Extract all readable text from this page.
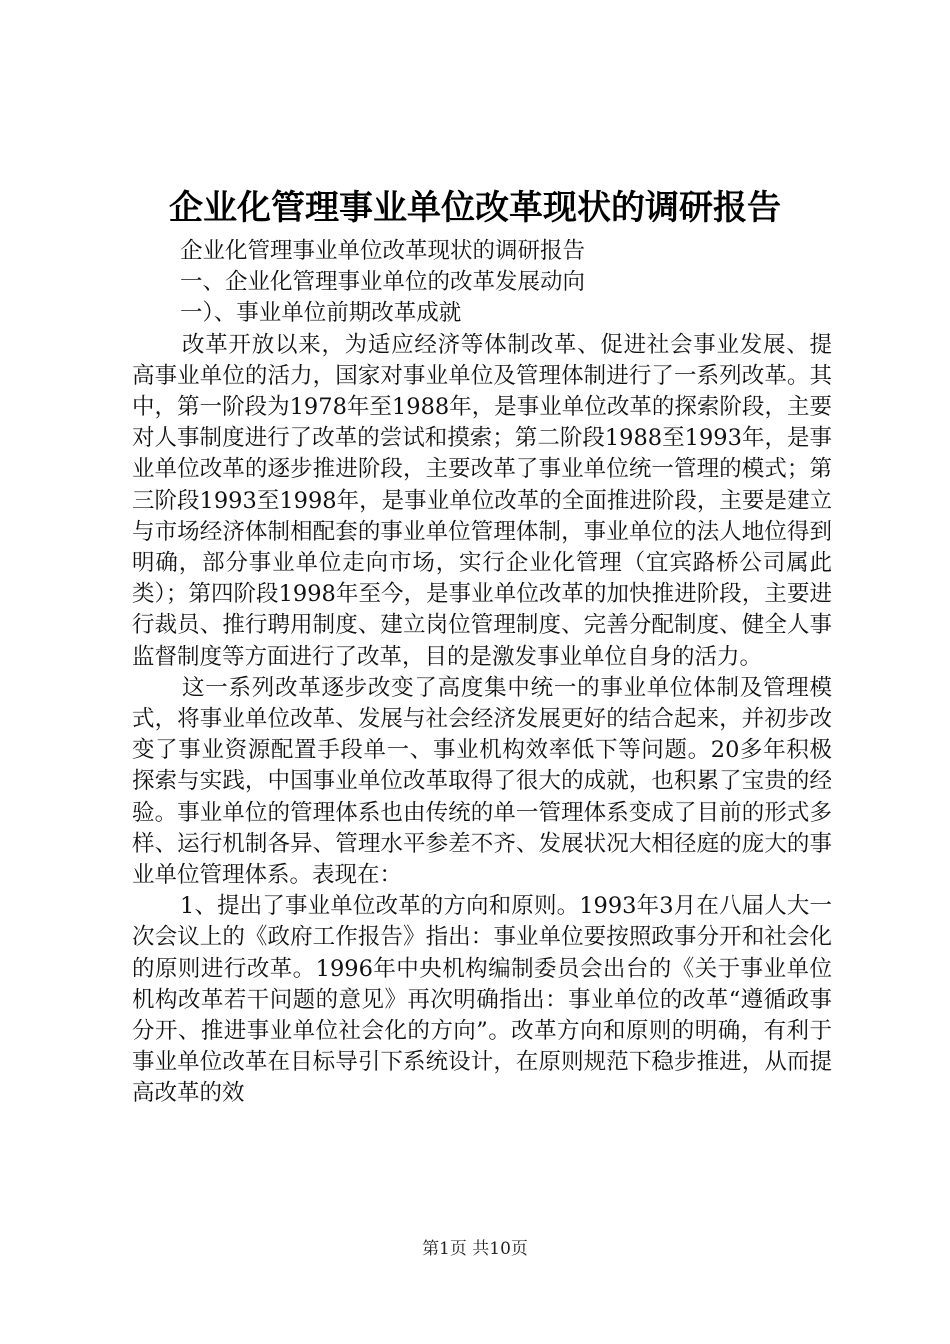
企业化管理事业单位改革现状的调研报告

企业化管理事业单位改革现状的调研报告

一、企业化管理事业单位的改革发展动向

一）、事业单位前期改革成就

改革开放以来，为适应经济等体制改革、促进社会事业发展、提高事业单位的活力，国家对事业单位及管理体制进行了一系列改革。其中，第一阶段为1978年至1988年，是事业单位改革的探索阶段，主要对人事制度进行了改革的尝试和摸索；第二阶段1988至1993年，是事业单位改革的逐步推进阶段，主要改革了事业单位统一管理的模式；第三阶段1993至1998年，是事业单位改革的全面推进阶段，主要是建立与市场经济体制相配套的事业单位管理体制，事业单位的法人地位得到明确，部分事业单位走向市场，实行企业化管理（宜宾路桥公司属此类）；第四阶段1998年至今，是事业单位改革的加快推进阶段，主要进行裁员、推行聘用制度、建立岗位管理制度、完善分配制度、健全人事监督制度等方面进行了改革，目的是激发事业单位自身的活力。

这一系列改革逐步改变了高度集中统一的事业单位体制及管理模式，将事业单位改革、发展与社会经济发展更好的结合起来，并初步改变了事业资源配置手段单一、事业机构效率低下等问题。20多年积极探索与实践，中国事业单位改革取得了很大的成就，也积累了宝贵的经验。事业单位的管理体系也由传统的单一管理体系变成了目前的形式多样、运行机制各异、管理水平参差不齐、发展状况大相径庭的庞大的事业单位管理体系。表现在：

1、提出了事业单位改革的方向和原则。1993年3月在八届人大一次会议上的《政府工作报告》指出：事业单位要按照政事分开和社会化的原则进行改革。1996年中央机构编制委员会出台的《关于事业单位机构改革若干问题的意见》再次明确指出：事业单位的改革“遵循政事分开、推进事业单位社会化的方向”。改革方向和原则的明确，有利于事业单位改革在目标导引下系统设计，在原则规范下稳步推进，从而提高改革的效

第1页 共10页
